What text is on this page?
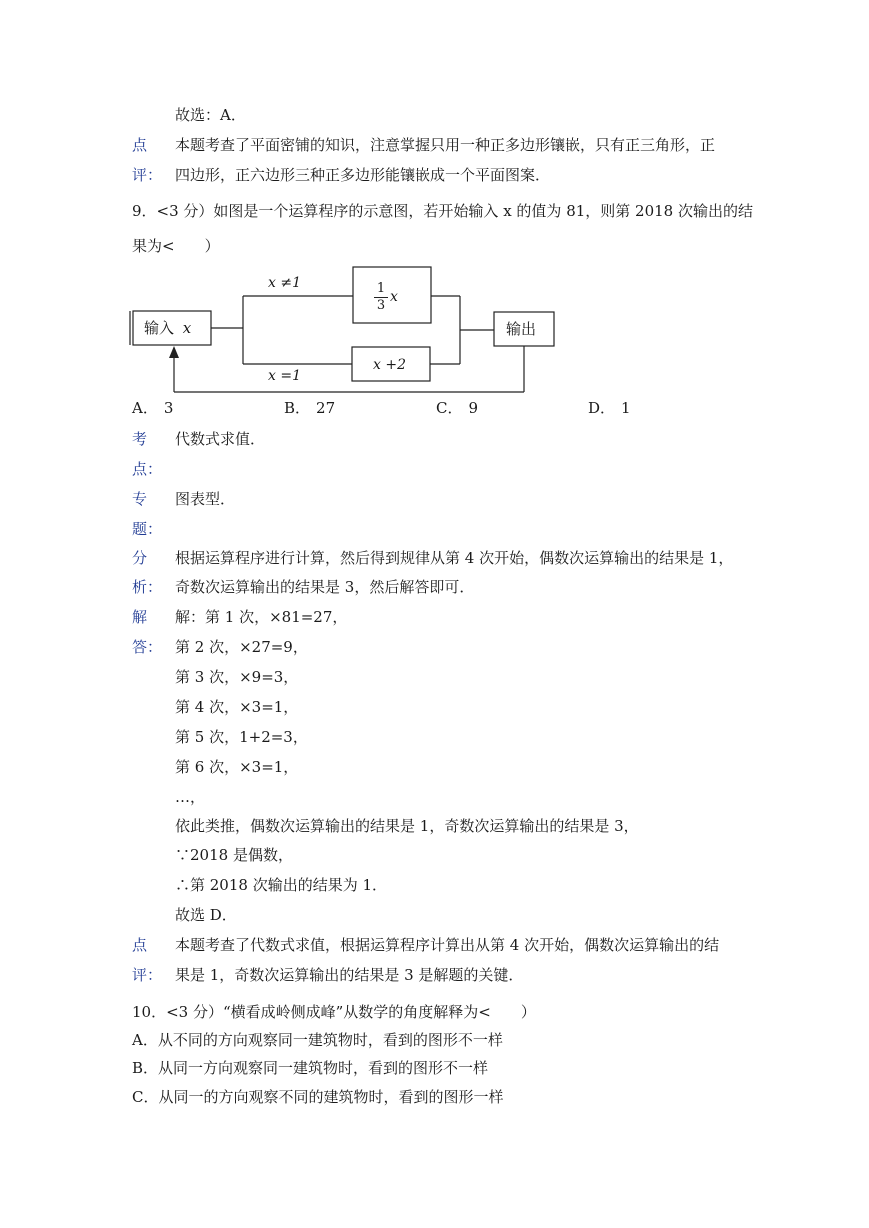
故选：A．
点
评：
本题考查了平面密铺的知识，注意掌握只用一种正多边形镶嵌，只有正三角形，正
四边形，正六边形三种正多边形能镶嵌成一个平面图案．
9．<3 分）如图是一个运算程序的示意图，若开始输入 x 的值为 81，则第 2018 次输出的结
果为<　　）
输入 x
x ≠1
x =1
1
3
x
x +2
输出
A． 3	B． 27	C． 9	D． 1
考
点：
代数式求值．
专
题：
图表型．
分
析：
根据运算程序进行计算，然后得到规律从第 4 次开始，偶数次运算输出的结果是 1，
奇数次运算输出的结果是 3，然后解答即可．
解
答：
解：第 1 次，×81=27，
第 2 次，×27=9，
第 3 次，×9=3，
第 4 次，×3=1，
第 5 次，1+2=3，
第 6 次，×3=1，
…，
依此类推，偶数次运算输出的结果是 1，奇数次运算输出的结果是 3，
∵2018 是偶数，
∴第 2018 次输出的结果为 1．
故选 D．
点
评：
本题考查了代数式求值，根据运算程序计算出从第 4 次开始，偶数次运算输出的结
果是 1，奇数次运算输出的结果是 3 是解题的关键．
10．<3 分）“横看成岭侧成峰”从数学的角度解释为<　　）
A．从不同的方向观察同一建筑物时，看到的图形不一样
B．从同一方向观察同一建筑物时，看到的图形不一样
C．从同一的方向观察不同的建筑物时，看到的图形一样
